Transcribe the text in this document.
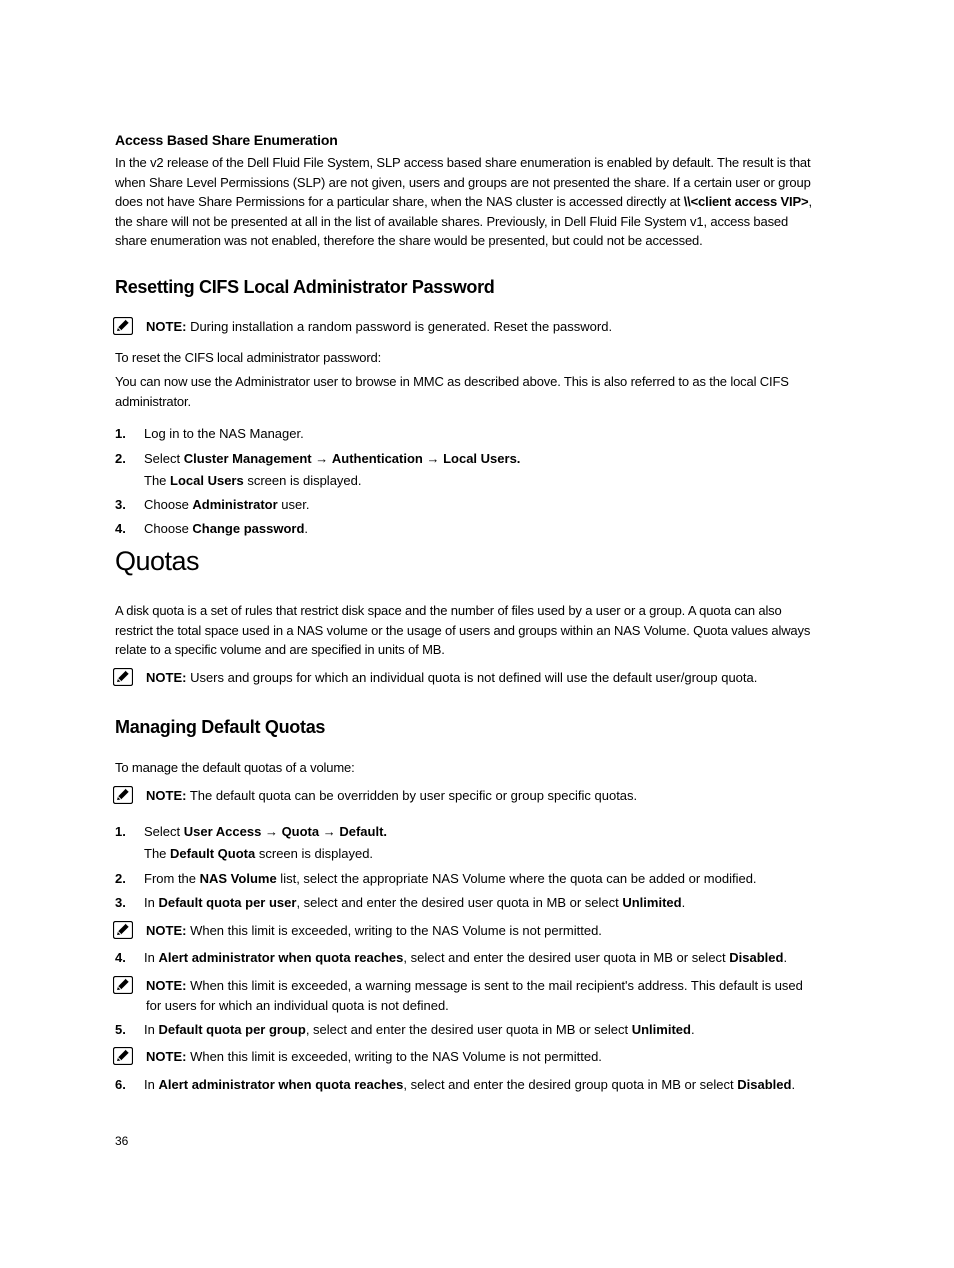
Access Based Share Enumeration
In the v2 release of the Dell Fluid File System, SLP access based share enumeration is enabled by default. The result is that when Share Level Permissions (SLP) are not given, users and groups are not presented the share. If a certain user or group does not have Share Permissions for a particular share, when the NAS cluster is accessed directly at \\<client access VIP>, the share will not be presented at all in the list of available shares. Previously, in Dell Fluid File System v1, access based share enumeration was not enabled, therefore the share would be presented, but could not be accessed.
Resetting CIFS Local Administrator Password
NOTE: During installation a random password is generated. Reset the password.
To reset the CIFS local administrator password:
You can now use the Administrator user to browse in MMC as described above. This is also referred to as the local CIFS administrator.
1. Log in to the NAS Manager.
2. Select Cluster Management → Authentication → Local Users.
The Local Users screen is displayed.
3. Choose Administrator user.
4. Choose Change password.
Quotas
A disk quota is a set of rules that restrict disk space and the number of files used by a user or a group. A quota can also restrict the total space used in a NAS volume or the usage of users and groups within an NAS Volume. Quota values always relate to a specific volume and are specified in units of MB.
NOTE: Users and groups for which an individual quota is not defined will use the default user/group quota.
Managing Default Quotas
To manage the default quotas of a volume:
NOTE: The default quota can be overridden by user specific or group specific quotas.
1. Select User Access → Quota → Default.
The Default Quota screen is displayed.
2. From the NAS Volume list, select the appropriate NAS Volume where the quota can be added or modified.
3. In Default quota per user, select and enter the desired user quota in MB or select Unlimited.
NOTE: When this limit is exceeded, writing to the NAS Volume is not permitted.
4. In Alert administrator when quota reaches, select and enter the desired user quota in MB or select Disabled.
NOTE: When this limit is exceeded, a warning message is sent to the mail recipient's address. This default is used for users for which an individual quota is not defined.
5. In Default quota per group, select and enter the desired user quota in MB or select Unlimited.
NOTE: When this limit is exceeded, writing to the NAS Volume is not permitted.
6. In Alert administrator when quota reaches, select and enter the desired group quota in MB or select Disabled.
36
